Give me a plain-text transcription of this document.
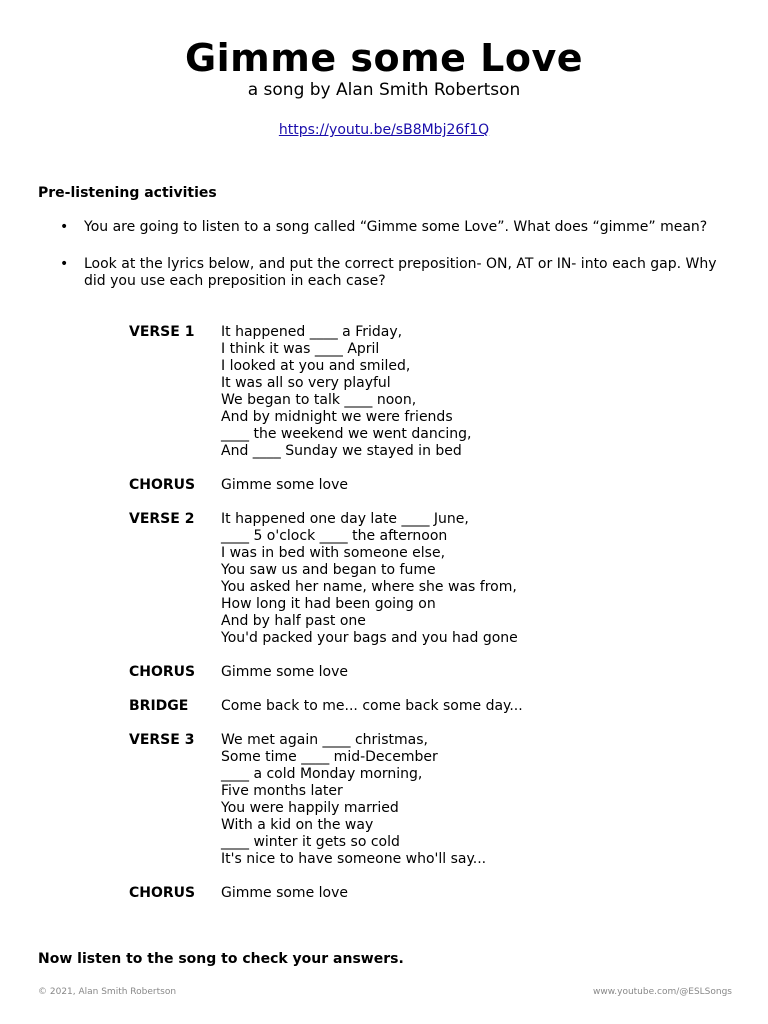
Gimme some Love
a song by Alan Smith Robertson
https://youtu.be/sB8Mbj26f1Q
Pre-listening activities
• You are going to listen to a song called “Gimme some Love”. What does “gimme” mean?
• Look at the lyrics below, and put the correct preposition- ON, AT or IN- into each gap. Why did you use each preposition in each case?
VERSE 1	It happened ____ a Friday,
I think it was ____ April
I looked at you and smiled,
It was all so very playful
We began to talk ____ noon,
And by midnight we were friends
____ the weekend we went dancing,
And ____ Sunday we stayed in bed
CHORUS	Gimme some love
VERSE 2	It happened one day late ____ June,
____ 5 o'clock ____ the afternoon
I was in bed with someone else,
You saw us and began to fume
You asked her name, where she was from,
How long it had been going on
And by half past one
You'd packed your bags and you had gone
CHORUS	Gimme some love
BRIDGE	Come back to me... come back some day...
VERSE 3	We met again ____ christmas,
Some time ____ mid-December
____ a cold Monday morning,
Five months later
You were happily married
With a kid on the way
____ winter it gets so cold
It's nice to have someone who'll say...
CHORUS	Gimme some love
Now listen to the song to check your answers.
© 2021, Alan Smith Robertson	www.youtube.com/@ESLSongs
